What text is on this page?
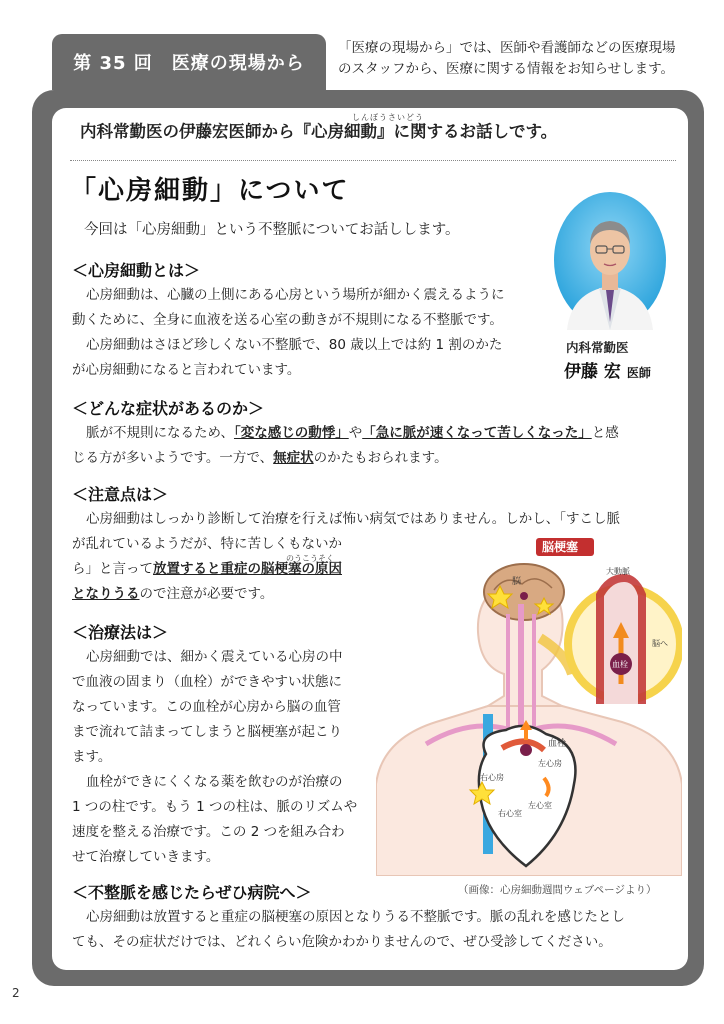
第 35 回　医療の現場から
「医療の現場から」では、医師や看護師などの医療現場
のスタッフから、医療に関する情報をお知らせします。
しんぼうさいどう
内科常勤医の伊藤宏医師から『心房細動』に関するお話しです。
「心房細動」について
今回は「心房細動」という不整脈についてお話しします。
＜心房細動とは＞

心房細動は、心臓の上側にある心房という場所が細かく震えるように

動くために、全身に血液を送る心室の動きが不規則になる不整脈です。

心房細動はさほど珍しくない不整脈で、80 歳以上では約 1 割のかた

が心房細動になると言われています。

内科常勤医
伊藤 宏 医師
＜どんな症状があるのか＞

脈が不規則になるため、「変な感じの動悸」や「急に脈が速くなって苦しくなった」と感

じる方が多いようです。一方で、無症状のかたもおられます。

＜注意点は＞

心房細動はしっかり診断して治療を行えば怖い病気ではありません。しかし、「すこし脈

が乱れているようだが、特に苦しくもないか

ら」と言って放置すると重症の脳梗塞の原因

となりうるので注意が必要です。

のうこうそく
＜治療法は＞

心房細動では、細かく震えている心房の中

で血液の固まり（血栓）ができやすい状態に

なっています。この血栓が心房から脳の血管

まで流れて詰まってしまうと脳梗塞が起こり

ます。

血栓ができにくくなる薬を飲むのが治療の

1 つの柱です。もう 1 つの柱は、脈のリズムや

速度を整える治療です。この 2 つを組み合わ

せて治療していきます。

脳
左心房
右心房
左心室
右心室
血栓
血栓
大動脈
脳へ
脳梗塞
（画像：心房細動週間ウェブページより）
＜不整脈を感じたらぜひ病院へ＞

心房細動は放置すると重症の脳梗塞の原因となりうる不整脈です。脈の乱れを感じたとし

ても、その症状だけでは、どれくらい危険かわかりませんので、ぜひ受診してください。

2
